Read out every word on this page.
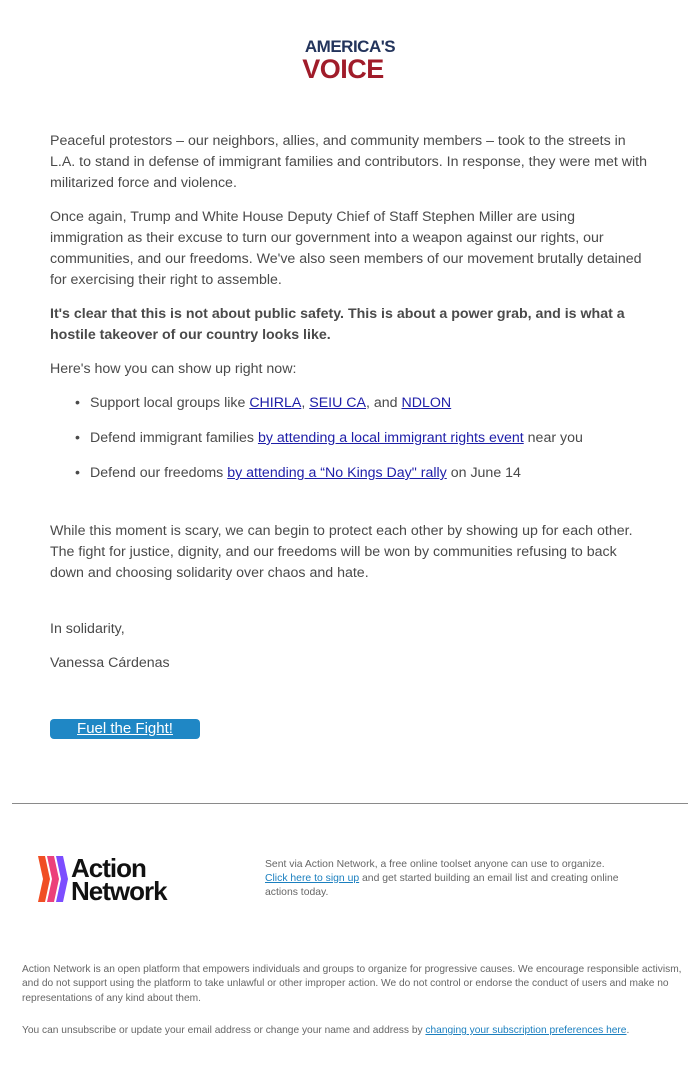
AMERICA'S
VOICE

Peaceful protestors – our neighbors, allies, and community members – took to the streets in L.A. to stand in defense of immigrant families and contributors. In response, they were met with militarized force and violence.

Once again, Trump and White House Deputy Chief of Staff Stephen Miller are using immigration as their excuse to turn our government into a weapon against our rights, our communities, and our freedoms. We've also seen members of our movement brutally detained for exercising their right to assemble.

It's clear that this is not about public safety. This is about a power grab, and is what a hostile takeover of our country looks like.

Here's how you can show up right now:

• Support local groups like CHIRLA, SEIU CA, and NDLON
• Defend immigrant families by attending a local immigrant rights event near you
• Defend our freedoms by attending a “No Kings Day" rally on June 14

While this moment is scary, we can begin to protect each other by showing up for each other. The fight for justice, dignity, and our freedoms will be won by communities refusing to back down and choosing solidarity over chaos and hate.

In solidarity,

Vanessa Cárdenas

Fuel the Fight!
Action
Network
Sent via Action Network, a free online toolset anyone can use to organize.
Click here to sign up and get started building an email list and creating online actions today.
Action Network is an open platform that empowers individuals and groups to organize for progressive causes. We encourage responsible activism, and do not support using the platform to take unlawful or other improper action. We do not control or endorse the conduct of users and make no representations of any kind about them.
You can unsubscribe or update your email address or change your name and address by changing your subscription preferences here.
